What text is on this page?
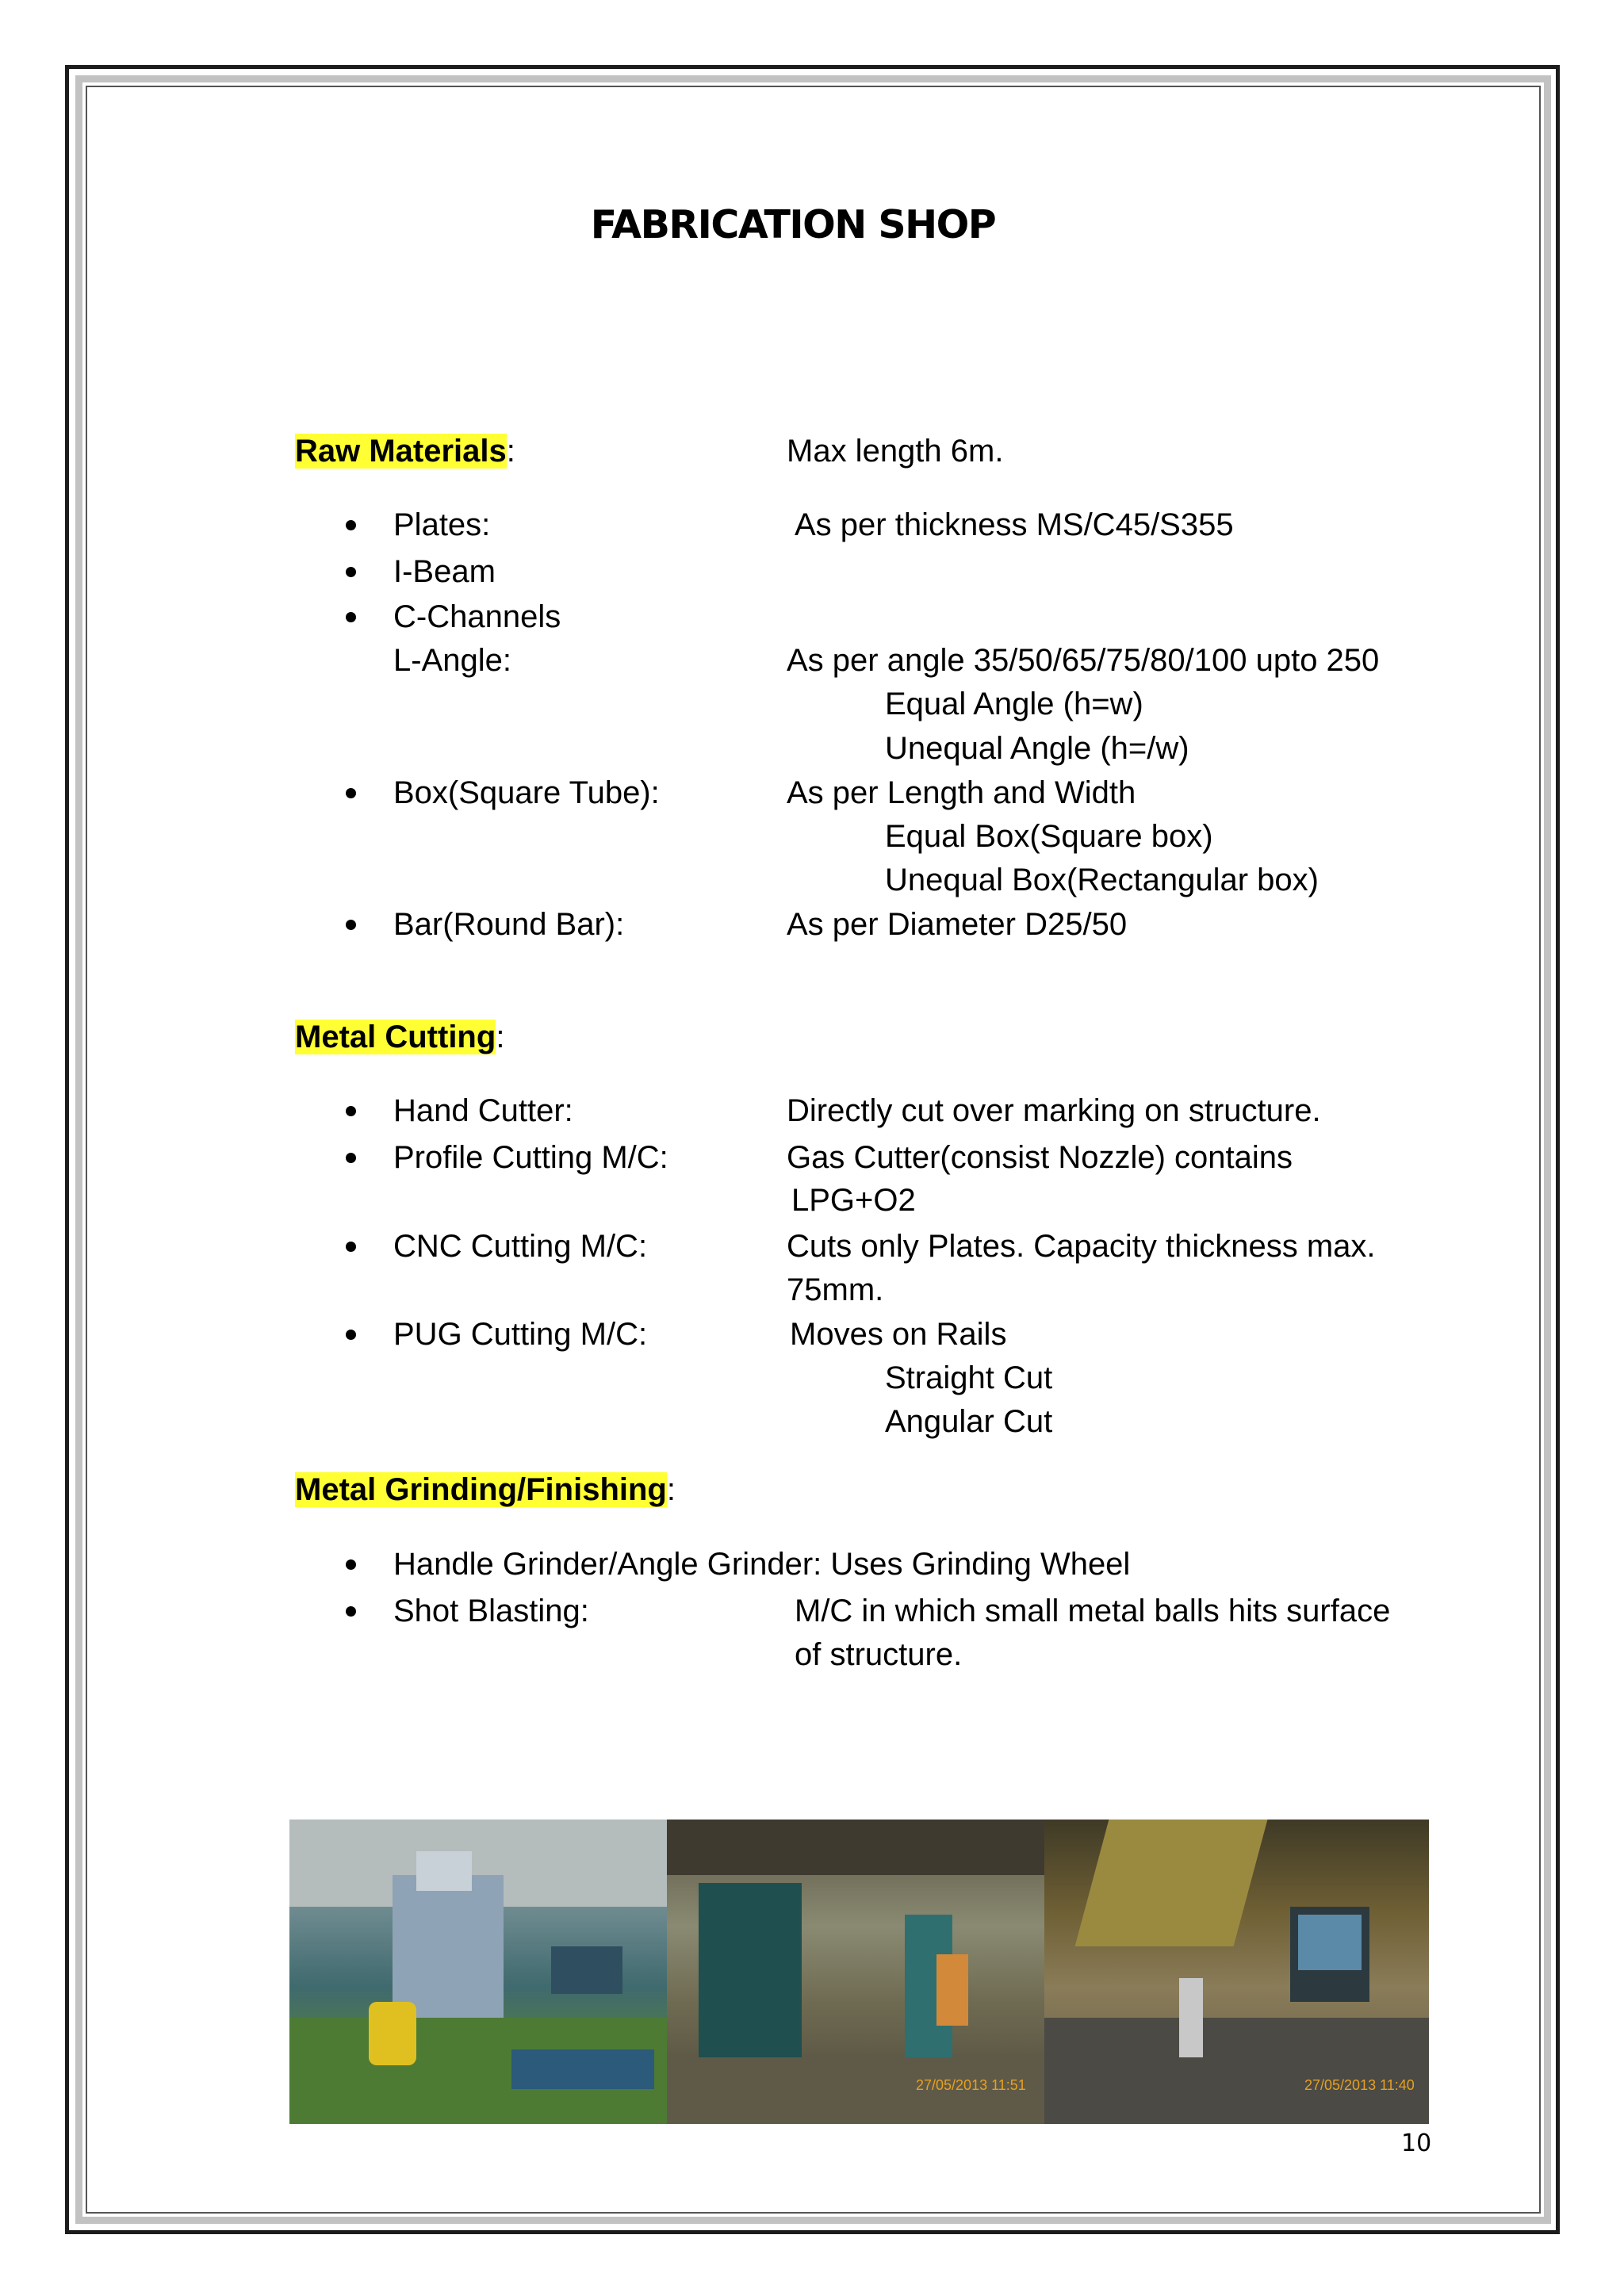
FABRICATION SHOP
Raw Materials:	Max length 6m.
Plates:	As per thickness MS/C45/S355
I-Beam
C-Channels
L-Angle:	As per angle 35/50/65/75/80/100 upto 250
Equal Angle (h=w)
Unequal Angle (h=/w)
Box(Square Tube):	As per Length and Width
Equal Box(Square box)
Unequal Box(Rectangular box)
Bar(Round Bar):	As per Diameter D25/50
Metal Cutting:
Hand Cutter:	Directly cut over marking on structure.
Profile Cutting M/C:	Gas Cutter(consist Nozzle) contains
LPG+O2
CNC Cutting M/C:	Cuts only Plates. Capacity thickness max.
75mm.
PUG Cutting M/C:	Moves on Rails
Straight Cut
Angular Cut
Metal Grinding/Finishing:
Handle Grinder/Angle Grinder: Uses Grinding Wheel
Shot Blasting:	M/C in which small metal balls hits surface
of structure.
27/05/2013 11:51	27/05/2013 11:40
10
